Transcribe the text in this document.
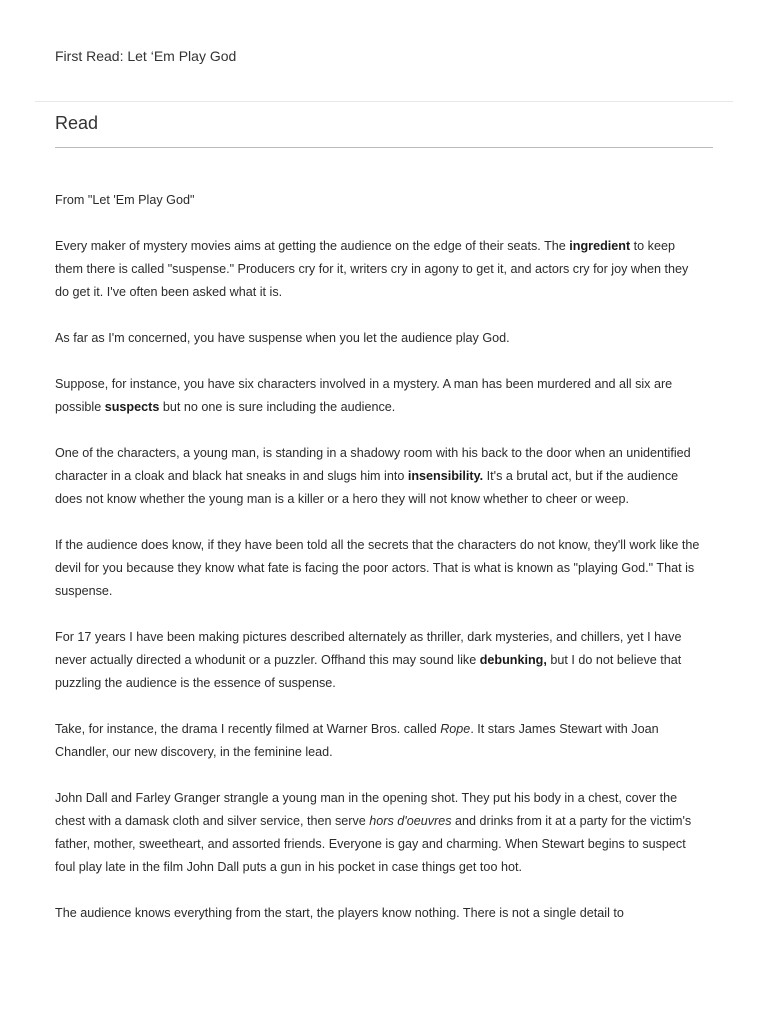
First Read: Let ‘Em Play God
Read

From "Let 'Em Play God"

Every maker of mystery movies aims at getting the audience on the edge of their seats. The ingredient to keep them there is called "suspense." Producers cry for it, writers cry in agony to get it, and actors cry for joy when they do get it. I've often been asked what it is.

As far as I'm concerned, you have suspense when you let the audience play God.

Suppose, for instance, you have six characters involved in a mystery. A man has been murdered and all six are possible suspects but no one is sure including the audience.

One of the characters, a young man, is standing in a shadowy room with his back to the door when an unidentified character in a cloak and black hat sneaks in and slugs him into insensibility. It's a brutal act, but if the audience does not know whether the young man is a killer or a hero they will not know whether to cheer or weep.

If the audience does know, if they have been told all the secrets that the characters do not know, they'll work like the devil for you because they know what fate is facing the poor actors. That is what is known as "playing God." That is suspense.

For 17 years I have been making pictures described alternately as thriller, dark mysteries, and chillers, yet I have never actually directed a whodunit or a puzzler. Offhand this may sound like debunking, but I do not believe that puzzling the audience is the essence of suspense.

Take, for instance, the drama I recently filmed at Warner Bros. called Rope. It stars James Stewart with Joan Chandler, our new discovery, in the feminine lead.

John Dall and Farley Granger strangle a young man in the opening shot. They put his body in a chest, cover the chest with a damask cloth and silver service, then serve hors d'oeuvres and drinks from it at a party for the victim's father, mother, sweetheart, and assorted friends. Everyone is gay and charming. When Stewart begins to suspect foul play late in the film John Dall puts a gun in his pocket in case things get too hot.

The audience knows everything from the start, the players know nothing. There is not a single detail to
